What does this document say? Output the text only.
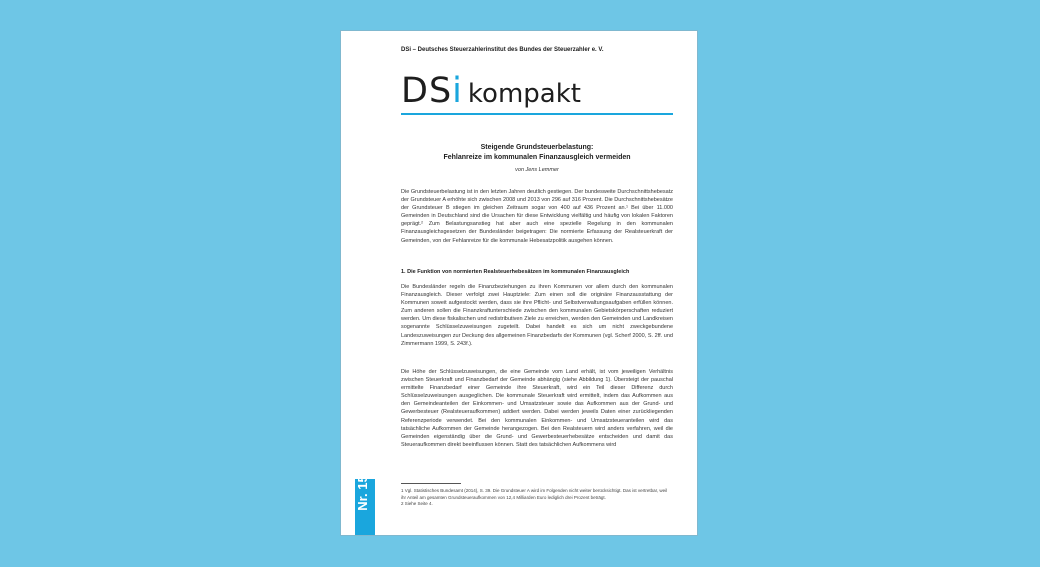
DSi – Deutsches Steuerzahlerinstitut des Bundes der Steuerzahler e. V.
DSi kompakt
Steigende Grundsteuerbelastung:
Fehlanreize im kommunalen Finanzausgleich vermeiden
von Jens Lemmer
Die Grundsteuerbelastung ist in den letzten Jahren deutlich gestiegen. Der bundesweite Durchschnittshebesatz der Grundsteuer A erhöhte sich zwischen 2008 und 2013 von 296 auf 316 Prozent. Die Durchschnittshebesätze der Grundsteuer B stiegen im gleichen Zeitraum sogar von 400 auf 436 Prozent an.¹ Bei über 11.000 Gemeinden in Deutschland sind die Ursachen für diese Entwicklung vielfältig und häufig von lokalen Faktoren geprägt.² Zum Belastungsanstieg hat aber auch eine spezielle Regelung in den kommunalen Finanzausgleichsgesetzen der Bundesländer beigetragen: Die normierte Erfassung der Realsteuerkraft der Gemeinden, von der Fehlanreize für die kommunale Hebesatzpolitik ausgehen können.
1. Die Funktion von normierten Realsteuerhebesätzen im kommunalen Finanzausgleich
Die Bundesländer regeln die Finanzbeziehungen zu ihren Kommunen vor allem durch den kommunalen Finanzausgleich. Dieser verfolgt zwei Hauptziele: Zum einen soll die originäre Finanzausstattung der Kommunen soweit aufgestockt werden, dass sie ihre Pflicht- und Selbstverwaltungsaufgaben erfüllen können. Zum anderen sollen die Finanzkraftunterschiede zwischen den kommunalen Gebietskörperschaften reduziert werden. Um diese fiskalischen und redistributiven Ziele zu erreichen, werden den Gemeinden und Landkreisen sogenannte Schlüsselzuweisungen zugeteilt. Dabei handelt es sich um nicht zweckgebundene Landeszuweisungen zur Deckung des allgemeinen Finanzbedarfs der Kommunen (vgl. Scherf 2000, S. 2ff. und Zimmermann 1999, S. 243f.).
Die Höhe der Schlüsselzuweisungen, die eine Gemeinde vom Land erhält, ist vom jeweiligen Verhältnis zwischen Steuerkraft und Finanzbedarf der Gemeinde abhängig (siehe Abbildung 1). Übersteigt der pauschal ermittelte Finanzbedarf einer Gemeinde ihre Steuerkraft, wird ein Teil dieser Differenz durch Schlüsselzuweisungen ausgeglichen. Die kommunale Steuerkraft wird ermittelt, indem das Aufkommen aus den Gemeindeanteilen der Einkommen- und Umsatzsteuer sowie das Aufkommen aus der Grund- und Gewerbesteuer (Realsteueraufkommen) addiert werden. Dabei werden jeweils Daten einer zurückliegenden Referenzperiode verwendet. Bei den kommunalen Einkommen- und Umsatzsteueranteilen wird das tatsächliche Aufkommen der Gemeinde herangezogen. Bei den Realsteuern wird anders verfahren, weil die Gemeinden eigenständig über die Grund- und Gewerbesteuerhebesätze entscheiden und damit das Steueraufkommen direkt beeinflussen können. Statt des tatsächlichen Aufkommens wird
1 Vgl. Statistisches Bundesamt (2014), S. 39. Die Grundsteuer A wird im Folgenden nicht weiter berücksichtigt. Das ist vertretbar, weil ihr Anteil am gesamten Grundsteueraufkommen von 12,4 Milliarden Euro lediglich drei Prozent beträgt.
2 Siehe Seite 4.
Nr. 15 12. Februar 2015
